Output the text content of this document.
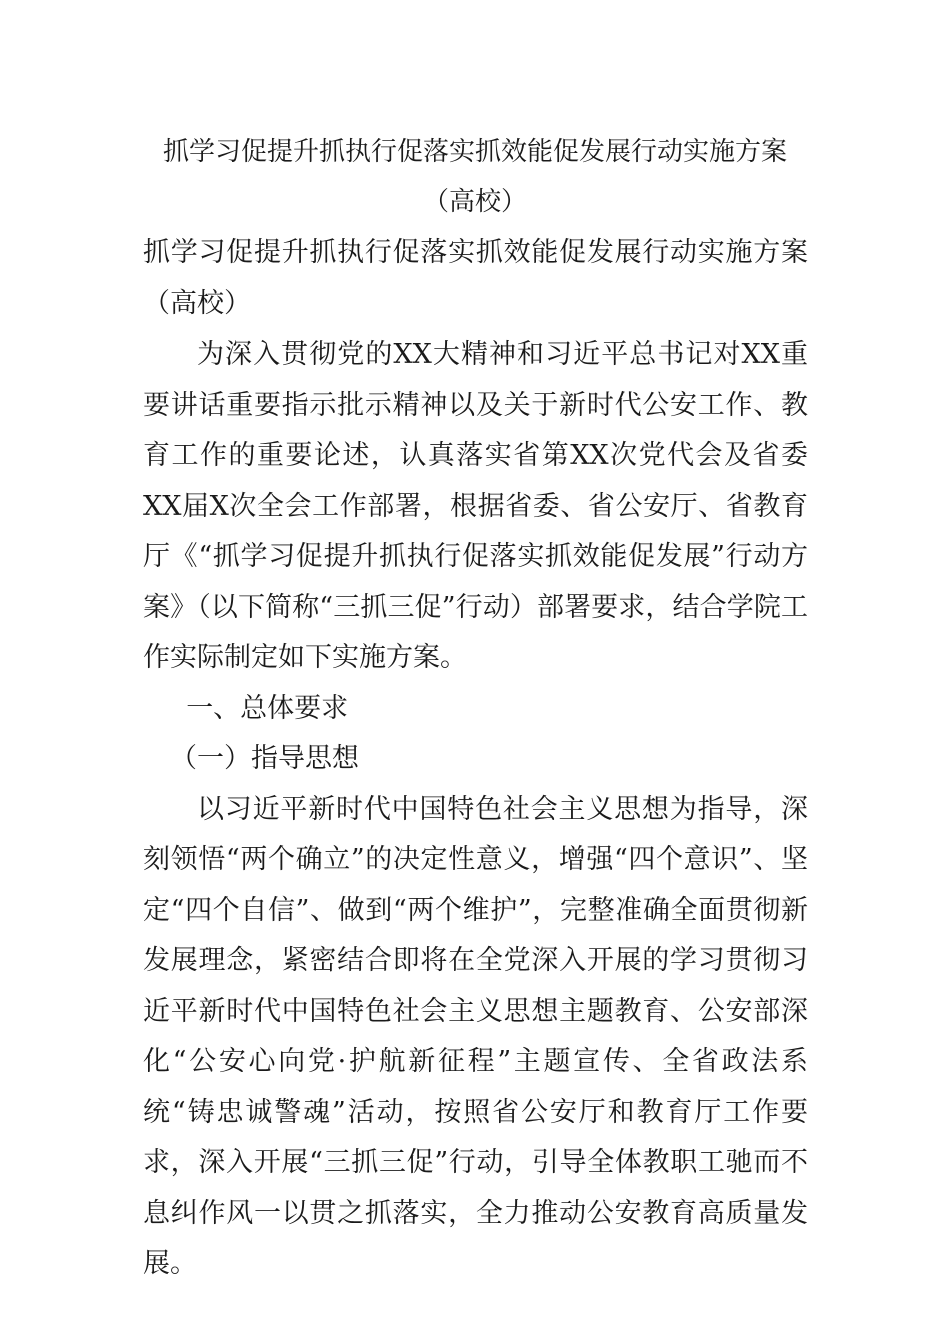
抓学习促提升抓执行促落实抓效能促发展行动实施方案
（高校）

抓学习促提升抓执行促落实抓效能促发展行动实施方案（高校）

为深入贯彻党的XX大精神和习近平总书记对XX重要讲话重要指示批示精神以及关于新时代公安工作、教育工作的重要论述，认真落实省第XX次党代会及省委XX届X次全会工作部署，根据省委、省公安厅、省教育厅《“抓学习促提升抓执行促落实抓效能促发展”行动方案》（以下简称“三抓三促”行动）部署要求，结合学院工作实际制定如下实施方案。

一、总体要求

（一）指导思想

以习近平新时代中国特色社会主义思想为指导，深刻领悟“两个确立”的决定性意义，增强“四个意识”、坚定“四个自信”、做到“两个维护”，完整准确全面贯彻新发展理念，紧密结合即将在全党深入开展的学习贯彻习近平新时代中国特色社会主义思想主题教育、公安部深化“公安心向党·护航新征程”主题宣传、全省政法系统“铸忠诚警魂”活动，按照省公安厅和教育厅工作要求，深入开展“三抓三促”行动，引导全体教职工驰而不息纠作风一以贯之抓落实，全力推动公安教育高质量发展。
